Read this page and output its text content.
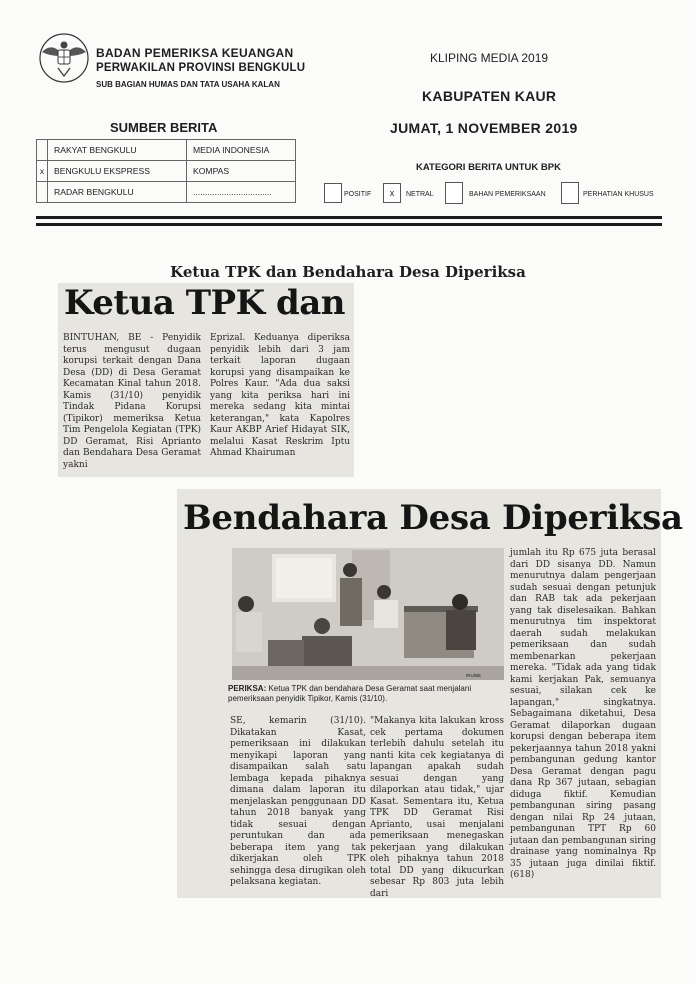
BADAN PEMERIKSA KEUANGAN
PERWAKILAN PROVINSI BENGKULU
SUB BAGIAN HUMAS DAN TATA USAHA KALAN
KLIPING MEDIA 2019
KABUPATEN KAUR
SUMBER BERITA	JUMAT, 1 NOVEMBER 2019
	RAKYAT BENGKULU	MEDIA INDONESIA
x	BENGKULU EKSPRESS	KOMPAS
	RADAR BENGKULU	.................................
KATEGORI BERITA UNTUK BPK
POSITIF	x	NETRAL	BAHAN PEMERIKSAAN	PERHATIAN KHUSUS
Ketua TPK dan Bendahara Desa Diperiksa
Ketua TPK dan
BINTUHAN, BE - Penyidik terus mengusut dugaan korupsi terkait dengan Dana Desa (DD) di Desa Geramat Kecamatan Kinal tahun 2018. Kamis (31/10) penyidik Tindak Pidana Korupsi (Tipikor) memeriksa Ketua Tim Pengelola Kegiatan (TPK) DD Geramat, Risi Aprianto dan Bendahara Desa Geramat yakni
Eprizal. Keduanya diperiksa penyidik lebih dari 3 jam terkait laporan dugaan korupsi yang disampaikan ke Polres Kaur. "Ada dua saksi yang kita periksa hari ini mereka sedang kita mintai keterangan," kata Kapolres Kaur AKBP Arief Hidayat SIK, melalui Kasat Reskrim Iptu Ahmad Khairuman
Bendahara Desa Diperiksa
IRU/BE
PERIKSA: Ketua TPK dan bendahara Desa Geramat saat menjalani pemeriksaan penyidik Tipikor, Kamis (31/10).
SE, kemarin (31/10). Dikatakan Kasat, pemeriksaan ini dilakukan menyikapi laporan yang disampaikan salah satu lembaga kepada pihaknya dimana dalam laporan itu menjelaskan penggunaan DD tahun 2018 banyak yang tidak sesuai dengan peruntukan dan ada beberapa item yang tak dikerjakan oleh TPK sehingga desa dirugikan oleh pelaksana kegiatan.
"Makanya kita lakukan kross cek pertama dokumen terlebih dahulu setelah itu nanti kita cek kegiatanya di lapangan apakah sudah sesuai dengan yang dilaporkan atau tidak," ujar Kasat. Sementara itu, Ketua TPK DD Geramat Risi Aprianto, usai menjalani pemeriksaan menegaskan pekerjaan yang dilakukan oleh pihaknya tahun 2018 total DD yang dikucurkan sebesar Rp 803 juta lebih dari
jumlah itu Rp 675 juta berasal dari DD sisanya DD. Namun menurutnya dalam pengerjaan sudah sesuai dengan petunjuk dan RAB tak ada pekerjaan yang tak diselesaikan. Bahkan menurutnya tim inspektorat daerah sudah melakukan pemeriksaan dan sudah membenarkan pekerjaan mereka. "Tidak ada yang tidak kami kerjakan Pak, semuanya sesuai, silakan cek ke lapangan," singkatnya. Sebagaimana diketahui, Desa Geramat dilaporkan dugaan korupsi dengan beberapa item pekerjaannya tahun 2018 yakni pembangunan gedung kantor Desa Geramat dengan pagu dana Rp 367 jutaan, sebagian diduga fiktif. Kemudian pembangunan siring pasang dengan nilai Rp 24 jutaan, pembangunan TPT Rp 60 jutaan dan pembangunan siring drainase yang nominalnya Rp 35 jutaan juga dinilai fiktif. (618)
